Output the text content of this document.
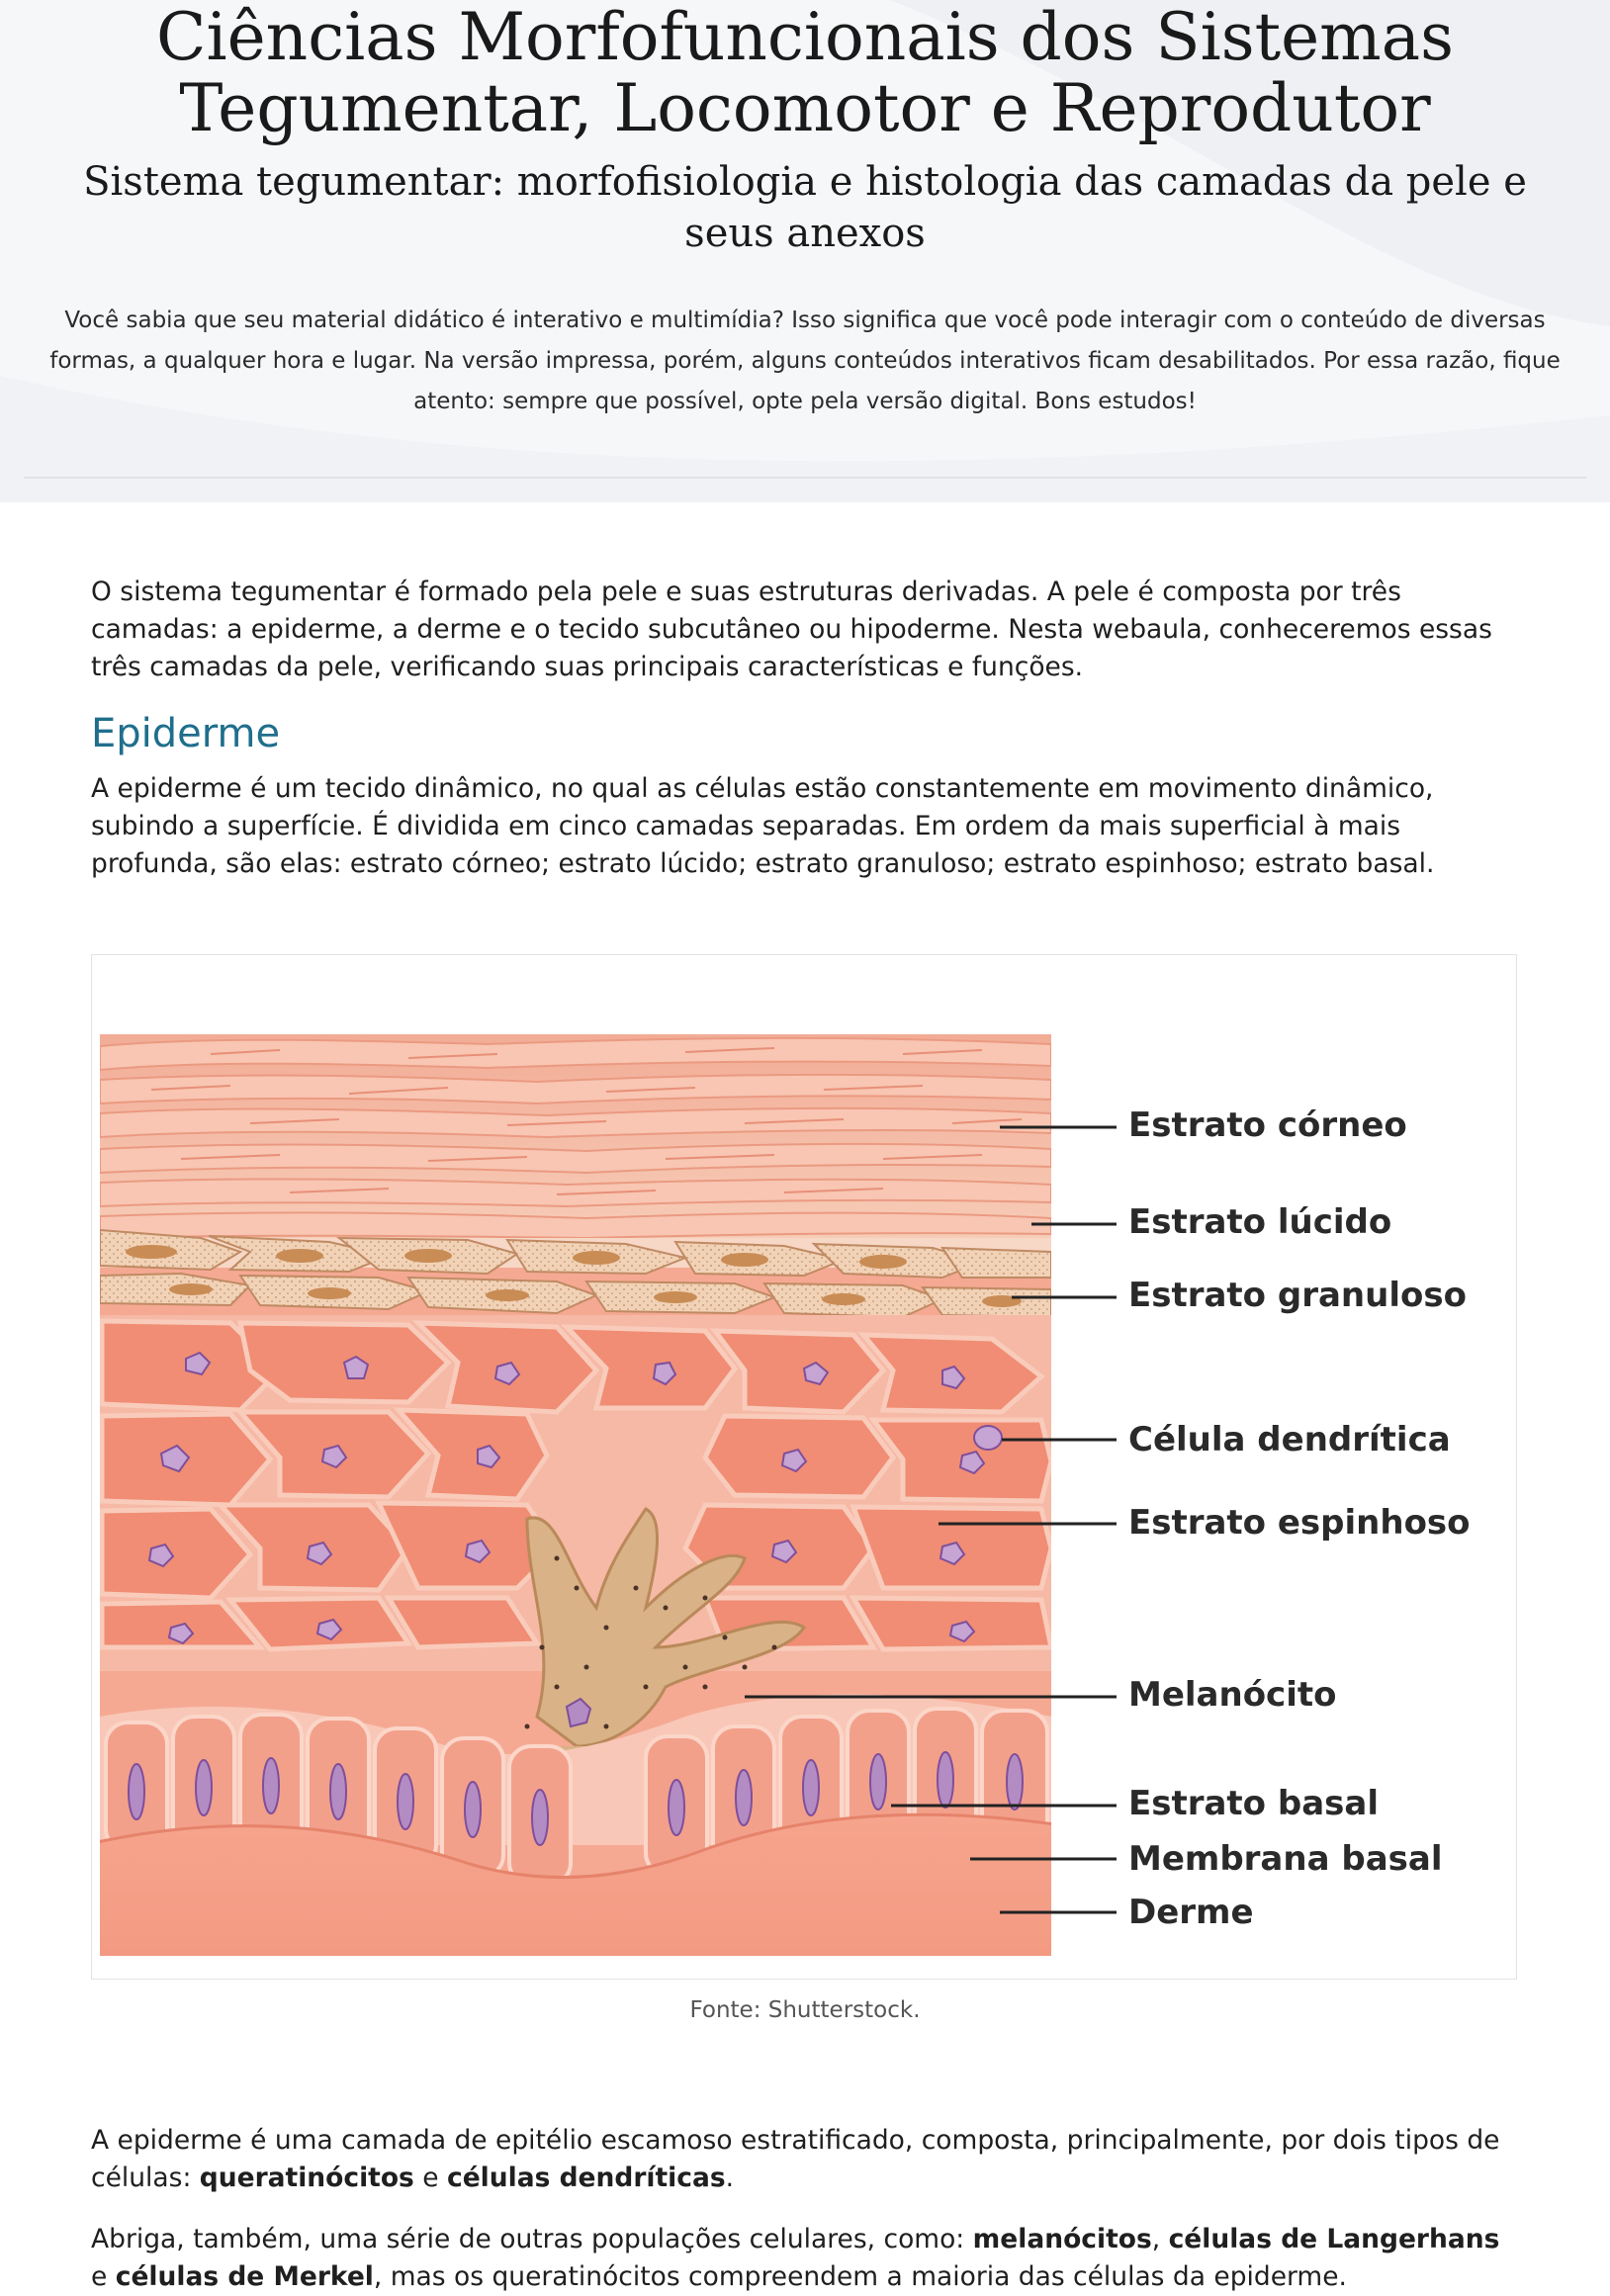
Ciências Morfofuncionais dos Sistemas
Tegumentar, Locomotor e Reprodutor
Sistema tegumentar: morfofisiologia e histologia das camadas da pele e seus anexos

Você sabia que seu material didático é interativo e multimídia? Isso significa que você pode interagir com o conteúdo de diversas formas, a qualquer hora e lugar. Na versão impressa, porém, alguns conteúdos interativos ficam desabilitados. Por essa razão, fique atento: sempre que possível, opte pela versão digital. Bons estudos!

O sistema tegumentar é formado pela pele e suas estruturas derivadas. A pele é composta por três camadas: a epiderme, a derme e o tecido subcutâneo ou hipoderme. Nesta webaula, conheceremos essas três camadas da pele, verificando suas principais características e funções.

Epiderme

A epiderme é um tecido dinâmico, no qual as células estão constantemente em movimento dinâmico, subindo a superfície. É dividida em cinco camadas separadas. Em ordem da mais superficial à mais profunda, são elas: estrato córneo; estrato lúcido; estrato granuloso; estrato espinhoso; estrato basal.

Estrato córneo
Estrato lúcido
Estrato granuloso
Célula dendrítica
Estrato espinhoso
Melanócito
Estrato basal
Membrana basal
Derme
Fonte: Shutterstock.

A epiderme é uma camada de epitélio escamoso estratificado, composta, principalmente, por dois tipos de células: queratinócitos e células dendríticas.

Abriga, também, uma série de outras populações celulares, como: melanócitos, células de Langerhans e células de Merkel, mas os queratinócitos compreendem a maioria das células da epiderme.
